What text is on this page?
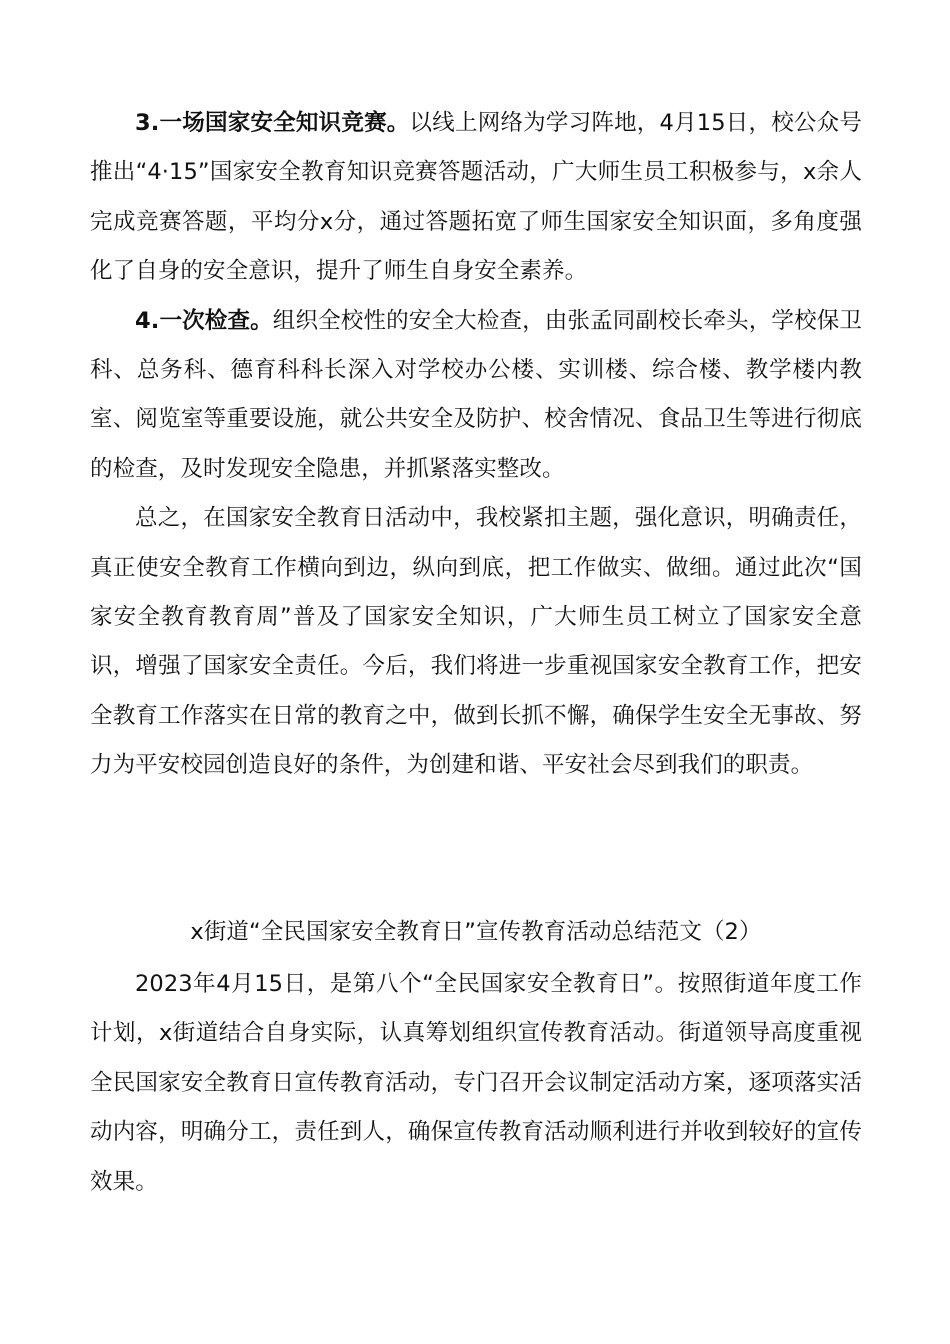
3.一场国家安全知识竞赛。以线上网络为学习阵地，4月15日，校公众号推出“4·15”国家安全教育知识竞赛答题活动，广大师生员工积极参与，x余人完成竞赛答题，平均分x分，通过答题拓宽了师生国家安全知识面，多角度强化了自身的安全意识，提升了师生自身安全素养。

4.一次检查。组织全校性的安全大检查，由张孟同副校长牵头，学校保卫科、总务科、德育科科长深入对学校办公楼、实训楼、综合楼、教学楼内教室、阅览室等重要设施，就公共安全及防护、校舍情况、食品卫生等进行彻底的检查，及时发现安全隐患，并抓紧落实整改。

总之，在国家安全教育日活动中，我校紧扣主题，强化意识，明确责任，真正使安全教育工作横向到边，纵向到底，把工作做实、做细。通过此次“国家安全教育教育周”普及了国家安全知识，广大师生员工树立了国家安全意识，增强了国家安全责任。今后，我们将进一步重视国家安全教育工作，把安全教育工作落实在日常的教育之中，做到长抓不懈，确保学生安全无事故、努力为平安校园创造良好的条件，为创建和谐、平安社会尽到我们的职责。

x街道“全民国家安全教育日”宣传教育活动总结范文（2）

2023年4月15日，是第八个“全民国家安全教育日”。按照街道年度工作计划，x街道结合自身实际，认真筹划组织宣传教育活动。街道领导高度重视全民国家安全教育日宣传教育活动，专门召开会议制定活动方案，逐项落实活动内容，明确分工，责任到人，确保宣传教育活动顺利进行并收到较好的宣传效果。
